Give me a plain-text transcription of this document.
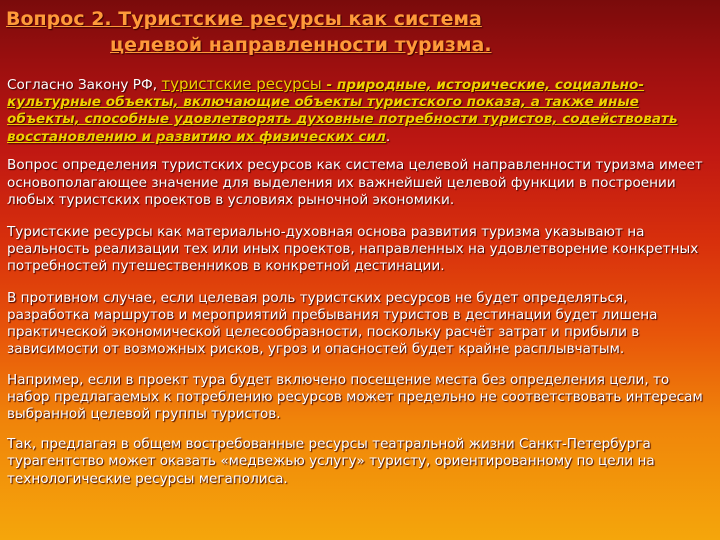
Вопрос 2. Туристские ресурсы как система
целевой направленности туризма.

Согласно Закону РФ, туристские ресурсы - природные, исторические, социально-культурные объекты, включающие объекты туристского показа, а также иные объекты, способные удовлетворять духовные потребности туристов, содействовать восстановлению и развитию их физических сил.

Вопрос определения туристских ресурсов как система целевой направленности туризма имеет основополагающее значение для выделения их важнейшей целевой функции в построении любых туристских проектов в условиях рыночной экономики.

Туристские ресурсы как материально-духовная основа развития туризма указывают на реальность реализации тех или иных проектов, направленных на удовлетворение конкретных потребностей путешественников в конкретной дестинации.

В противном случае, если целевая роль туристских ресурсов не будет определяться, разработка маршрутов и мероприятий пребывания туристов в дестинации будет лишена практической экономической целесообразности, поскольку расчёт затрат и прибыли в зависимости от возможных рисков, угроз и опасностей будет крайне расплывчатым.

Например, если в проект тура будет включено посещение места без определения цели, то набор предлагаемых к потреблению ресурсов может предельно не соответствовать интересам выбранной целевой группы туристов.

Так, предлагая в общем востребованные ресурсы театральной жизни Санкт-Петербурга турагентство может оказать «медвежью услугу» туристу, ориентированному по цели на технологические ресурсы мегаполиса.
